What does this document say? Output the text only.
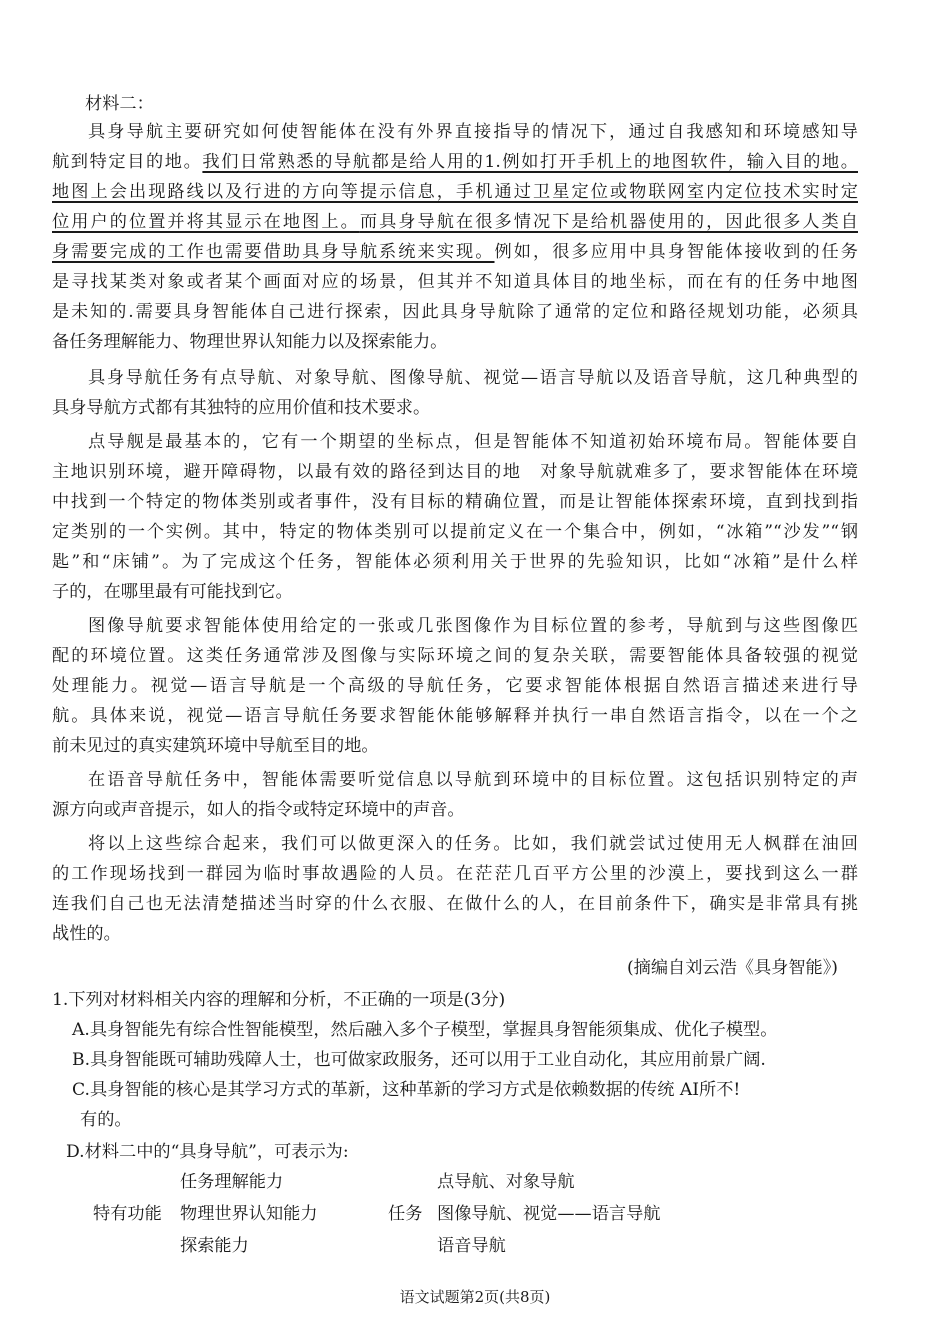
材料二：
具身导航主要研究如何使智能体在没有外界直接指导的情况下，通过自我感知和环境感知导
航到特定目的地。我们日常熟悉的导航都是给人用的1.例如打开手机上的地图软件，输入目的地。
地图上会出现路线以及行进的方向等提示信息，手机通过卫星定位或物联网室内定位技术实时定
位用户的位置并将其显示在地图上。而具身导航在很多情况下是给机器使用的，因此很多人类自
身需要完成的工作也需要借助具身导航系统来实现。例如，很多应用中具身智能体接收到的任务
是寻找某类对象或者某个画面对应的场景，但其并不知道具体目的地坐标，而在有的任务中地图
是未知的.需要具身智能体自己进行探索，因此具身导航除了通常的定位和路径规划功能，必须具
备任务理解能力、物理世界认知能力以及探索能力。
具身导航任务有点导航、对象导航、图像导航、视觉—语言导航以及语音导航，这几种典型的
具身导航方式都有其独特的应用价值和技术要求。
点导舰是最基本的，它有一个期望的坐标点，但是智能体不知道初始环境布局。智能体要自
主地识别环境，避开障碍物，以最有效的路径到达目的地　对象导航就难多了，要求智能体在环境
中找到一个特定的物体类别或者事件，没有目标的精确位置，而是让智能体探索环境，直到找到指
定类别的一个实例。其中，特定的物体类别可以提前定义在一个集合中，例如，“冰箱”“沙发”“钢
匙”和“床铺”。为了完成这个任务，智能体必须利用关于世界的先验知识，比如“冰箱”是什么样
子的，在哪里最有可能找到它。
图像导航要求智能体使用给定的一张或几张图像作为目标位置的参考，导航到与这些图像匹
配的环境位置。这类任务通常涉及图像与实际环境之间的复杂关联，需要智能体具备较强的视觉
处理能力。视觉—语言导航是一个高级的导航任务，它要求智能体根据自然语言描述来进行导
航。具体来说，视觉—语言导航任务要求智能休能够解释并执行一串自然语言指令，以在一个之
前未见过的真实建筑环境中导航至目的地。
在语音导航任务中，智能体需要听觉信息以导航到环境中的目标位置。这包括识别特定的声
源方向或声音提示，如人的指令或特定环境中的声音。
将以上这些综合起来，我们可以做更深入的任务。比如，我们就尝试过使用无人枫群在油回
的工作现场找到一群园为临时事故遇险的人员。在茫茫几百平方公里的沙漠上，要找到这么一群
连我们自己也无法清楚描述当时穿的什么衣服、在做什么的人，在目前条件下，确实是非常具有挑
战性的。
(摘编自刘云浩《具身智能》)
1.下列对材料相关内容的理解和分析，不正确的一项是(3分)
A.具身智能先有综合性智能模型，然后融入多个子模型，掌握具身智能须集成、优化子模型。
B.具身智能既可辅助残障人士，也可做家政服务，还可以用于工业自动化，其应用前景广阔.
C.具身智能的核心是其学习方式的革新，这种革新的学习方式是依赖数据的传统 AI所不!
有的。
D.材料二中的“具身导航”，可表示为:
任务理解能力
特有功能 物理世界认知能力
探索能力
点导航、对象导航
任务 图像导航、视觉——语言导航
语音导航
语文试题第2页(共8页)
